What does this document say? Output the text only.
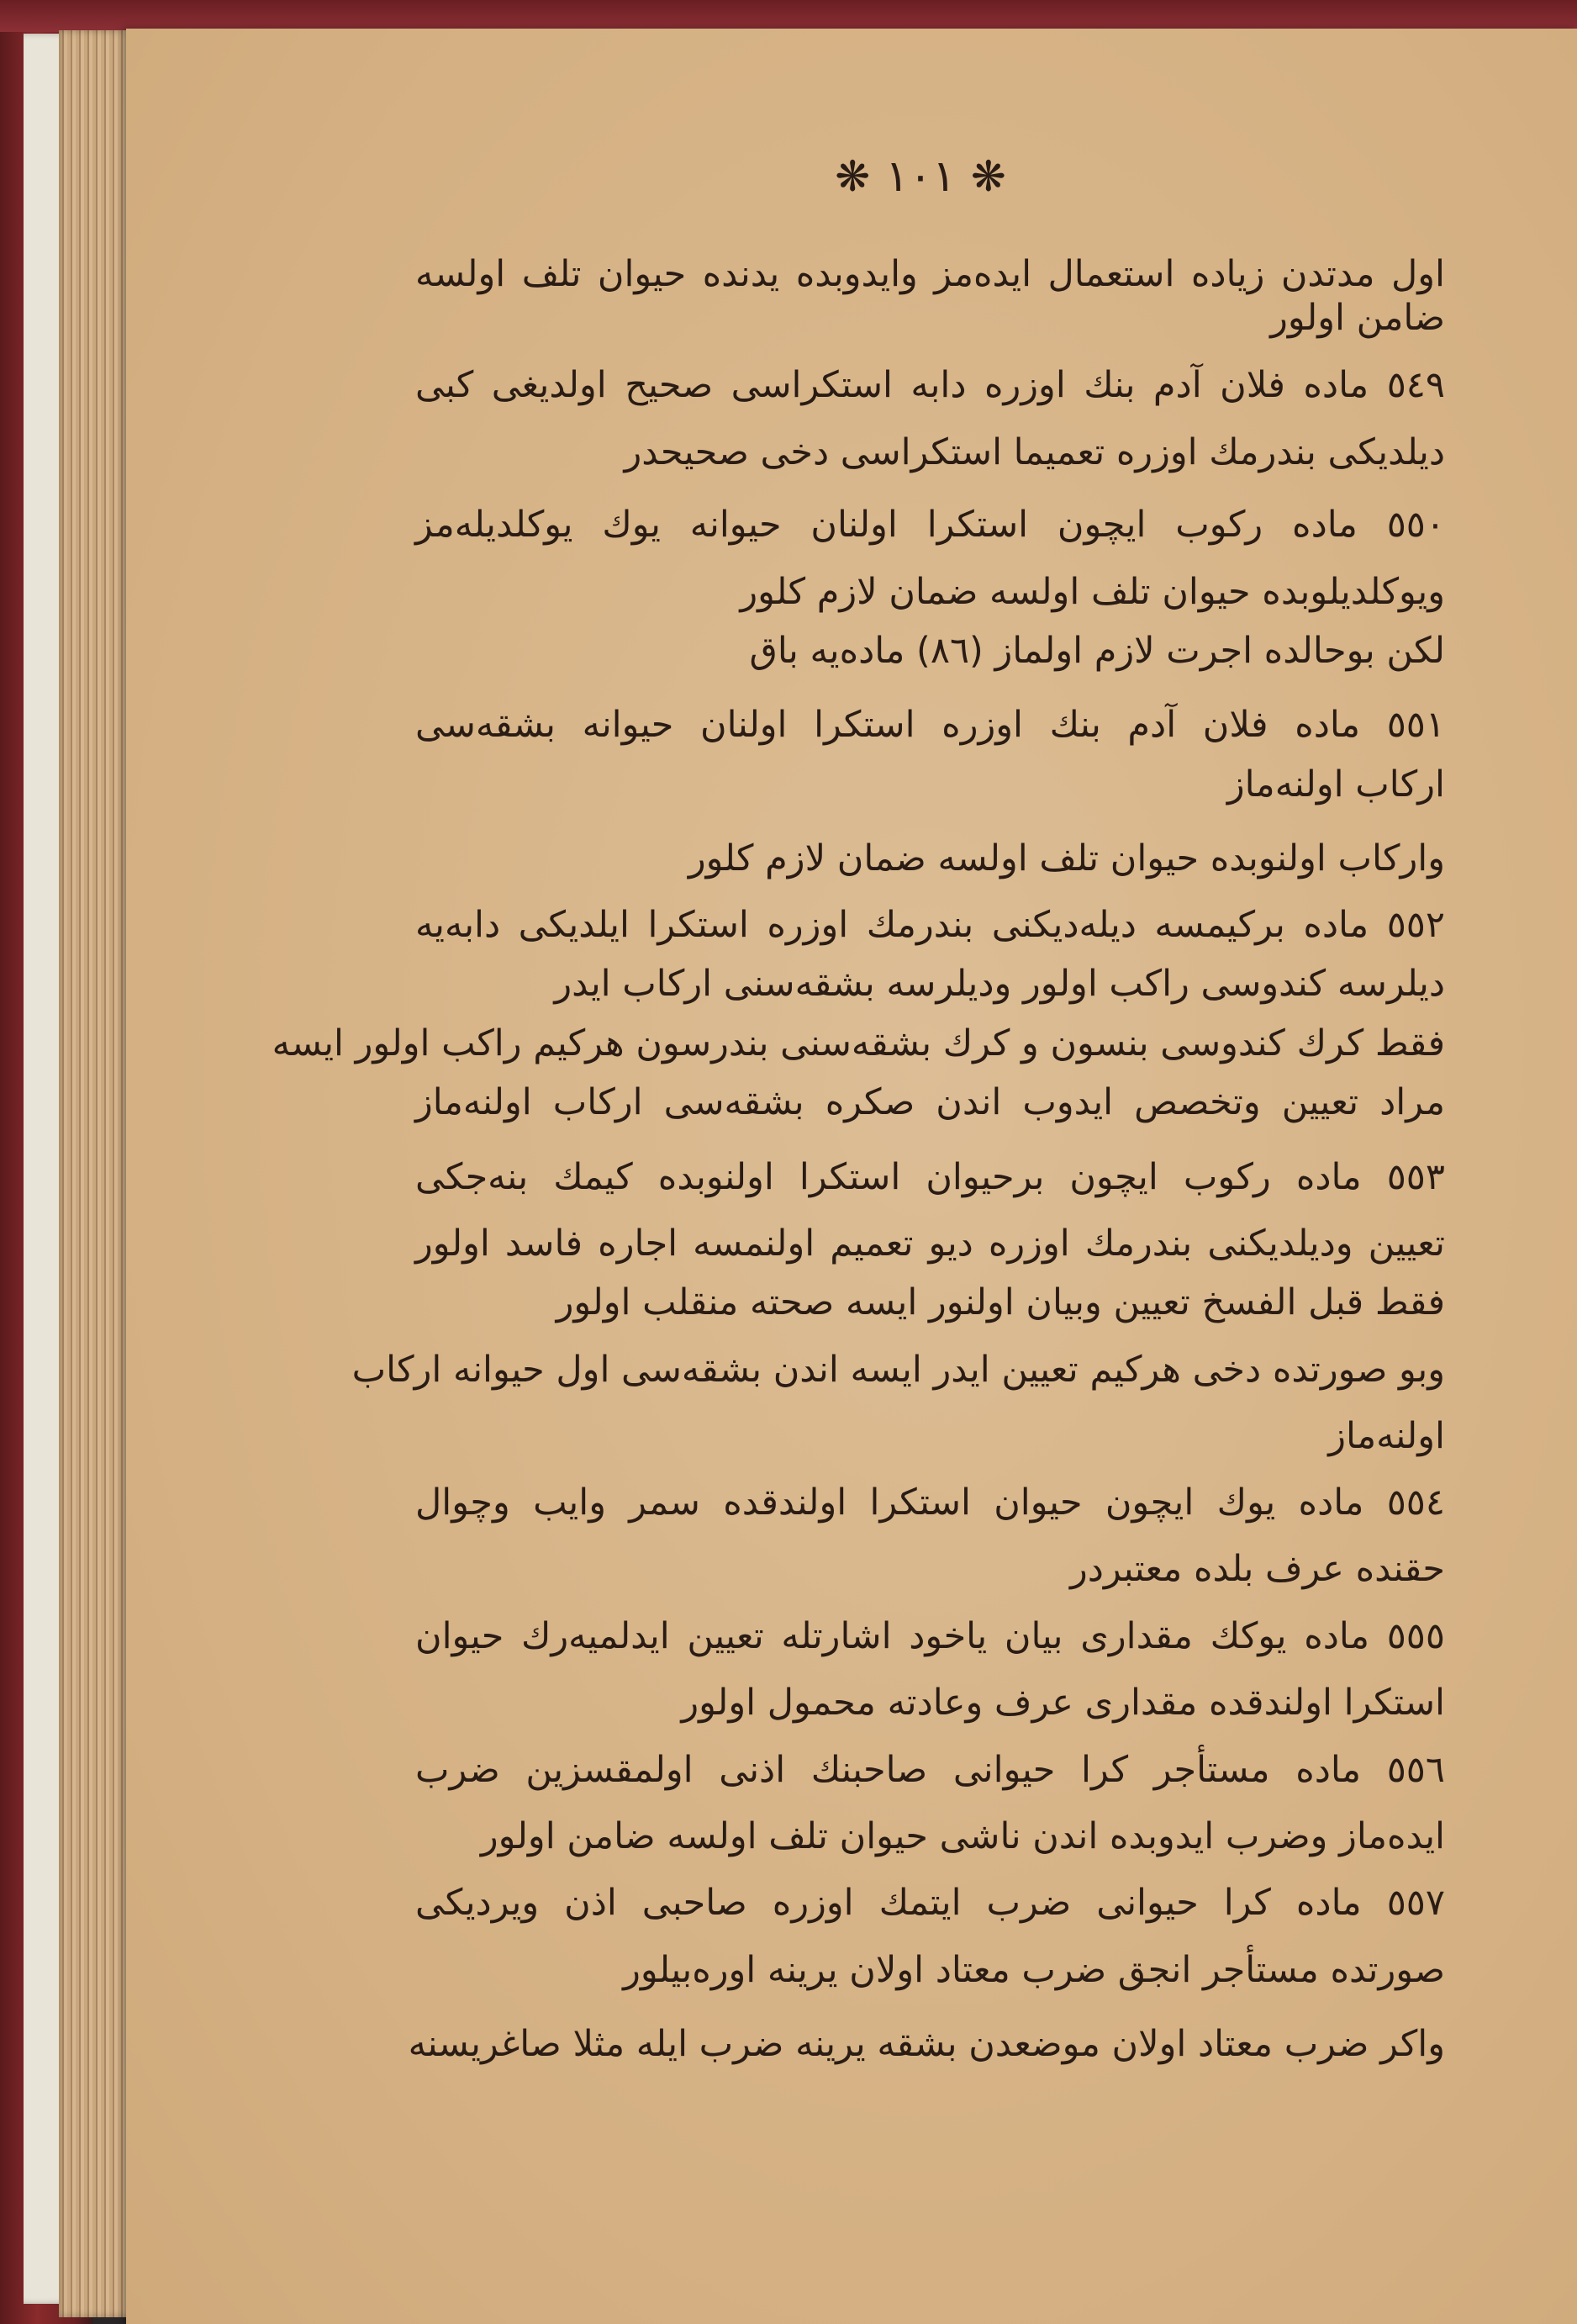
❋ ١٠١ ❋
اول مدتدن زیاده استعمال ایده‌مز وایدوبده یدنده حیوان تلف اولسه
ضامن اولور
٥٤٩ ماده فلان آدم بنك اوزره دابه استکراسی صحیح اولدیغی کبی
دیلدیکی بندرمك اوزره تعمیما استکراسی دخی صحیحدر
٥٥٠ ماده رکوب ایچون استکرا اولنان حیوانه یوك یوکلدیله‌مز
ویوکلدیلوبده حیوان تلف اولسه ضمان لازم کلور
لکن بوحالده اجرت لازم اولماز (٨٦) ماده‌یه باق
٥٥١ ماده فلان آدم بنك اوزره استکرا اولنان حیوانه بشقه‌سی
ارکاب اولنه‌ماز
وارکاب اولنوبده حیوان تلف اولسه ضمان لازم کلور
٥٥٢ ماده برکیمسه دیله‌دیکنی بندرمك اوزره استکرا ایلدیکی دابه‌یه
دیلرسه کندوسی راکب اولور ودیلرسه بشقه‌سنی ارکاب ایدر
فقط کرك کندوسی بنسون و کرك بشقه‌سنی بندرسون هرکیم راکب اولور ایسه
مراد تعیین وتخصص ایدوب اندن صکره بشقه‌سی ارکاب اولنه‌ماز
٥٥٣ ماده رکوب ایچون برحیوان استکرا اولنوبده کیمك بنه‌جکی
تعیین ودیلدیکنی بندرمك اوزره دیو تعمیم اولنمسه اجاره فاسد اولور
فقط قبل الفسخ تعیین وبیان اولنور ایسه صحته منقلب اولور
وبو صورتده دخی هرکیم تعیین ایدر ایسه اندن بشقه‌سی اول حیوانه ارکاب
اولنه‌ماز
٥٥٤ ماده یوك ایچون حیوان استکرا اولندقده سمر وایب وچوال
حقنده عرف بلده معتبردر
٥٥٥ ماده یوکك مقداری بیان یاخود اشارتله تعیین ایدلمیه‌رك حیوان
استکرا اولندقده مقداری عرف وعادته محمول اولور
٥٥٦ ماده مستأجر کرا حیوانی صاحبنك اذنی اولمقسزین ضرب
ایده‌ماز وضرب ایدوبده اندن ناشی حیوان تلف اولسه ضامن اولور
٥٥٧ ماده کرا حیوانی ضرب ایتمك اوزره صاحبی اذن ویردیکی
صورتده مستأجر انجق ضرب معتاد اولان یرینه اوره‌بیلور
واکر ضرب معتاد اولان موضعدن بشقه یرینه ضرب ایله مثلا صاغریسنه
